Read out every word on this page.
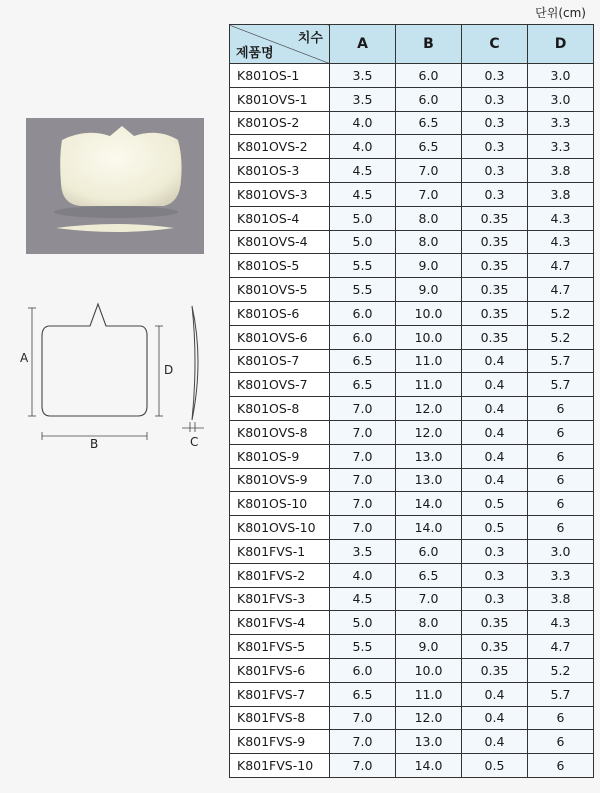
단위(cm)
A
B
D
C
치수
제품명	A	B	C	D
K801OS-1	3.5	6.0	0.3	3.0
K801OVS-1	3.5	6.0	0.3	3.0
K801OS-2	4.0	6.5	0.3	3.3
K801OVS-2	4.0	6.5	0.3	3.3
K801OS-3	4.5	7.0	0.3	3.8
K801OVS-3	4.5	7.0	0.3	3.8
K801OS-4	5.0	8.0	0.35	4.3
K801OVS-4	5.0	8.0	0.35	4.3
K801OS-5	5.5	9.0	0.35	4.7
K801OVS-5	5.5	9.0	0.35	4.7
K801OS-6	6.0	10.0	0.35	5.2
K801OVS-6	6.0	10.0	0.35	5.2
K801OS-7	6.5	11.0	0.4	5.7
K801OVS-7	6.5	11.0	0.4	5.7
K801OS-8	7.0	12.0	0.4	6
K801OVS-8	7.0	12.0	0.4	6
K801OS-9	7.0	13.0	0.4	6
K801OVS-9	7.0	13.0	0.4	6
K801OS-10	7.0	14.0	0.5	6
K801OVS-10	7.0	14.0	0.5	6
K801FVS-1	3.5	6.0	0.3	3.0
K801FVS-2	4.0	6.5	0.3	3.3
K801FVS-3	4.5	7.0	0.3	3.8
K801FVS-4	5.0	8.0	0.35	4.3
K801FVS-5	5.5	9.0	0.35	4.7
K801FVS-6	6.0	10.0	0.35	5.2
K801FVS-7	6.5	11.0	0.4	5.7
K801FVS-8	7.0	12.0	0.4	6
K801FVS-9	7.0	13.0	0.4	6
K801FVS-10	7.0	14.0	0.5	6
